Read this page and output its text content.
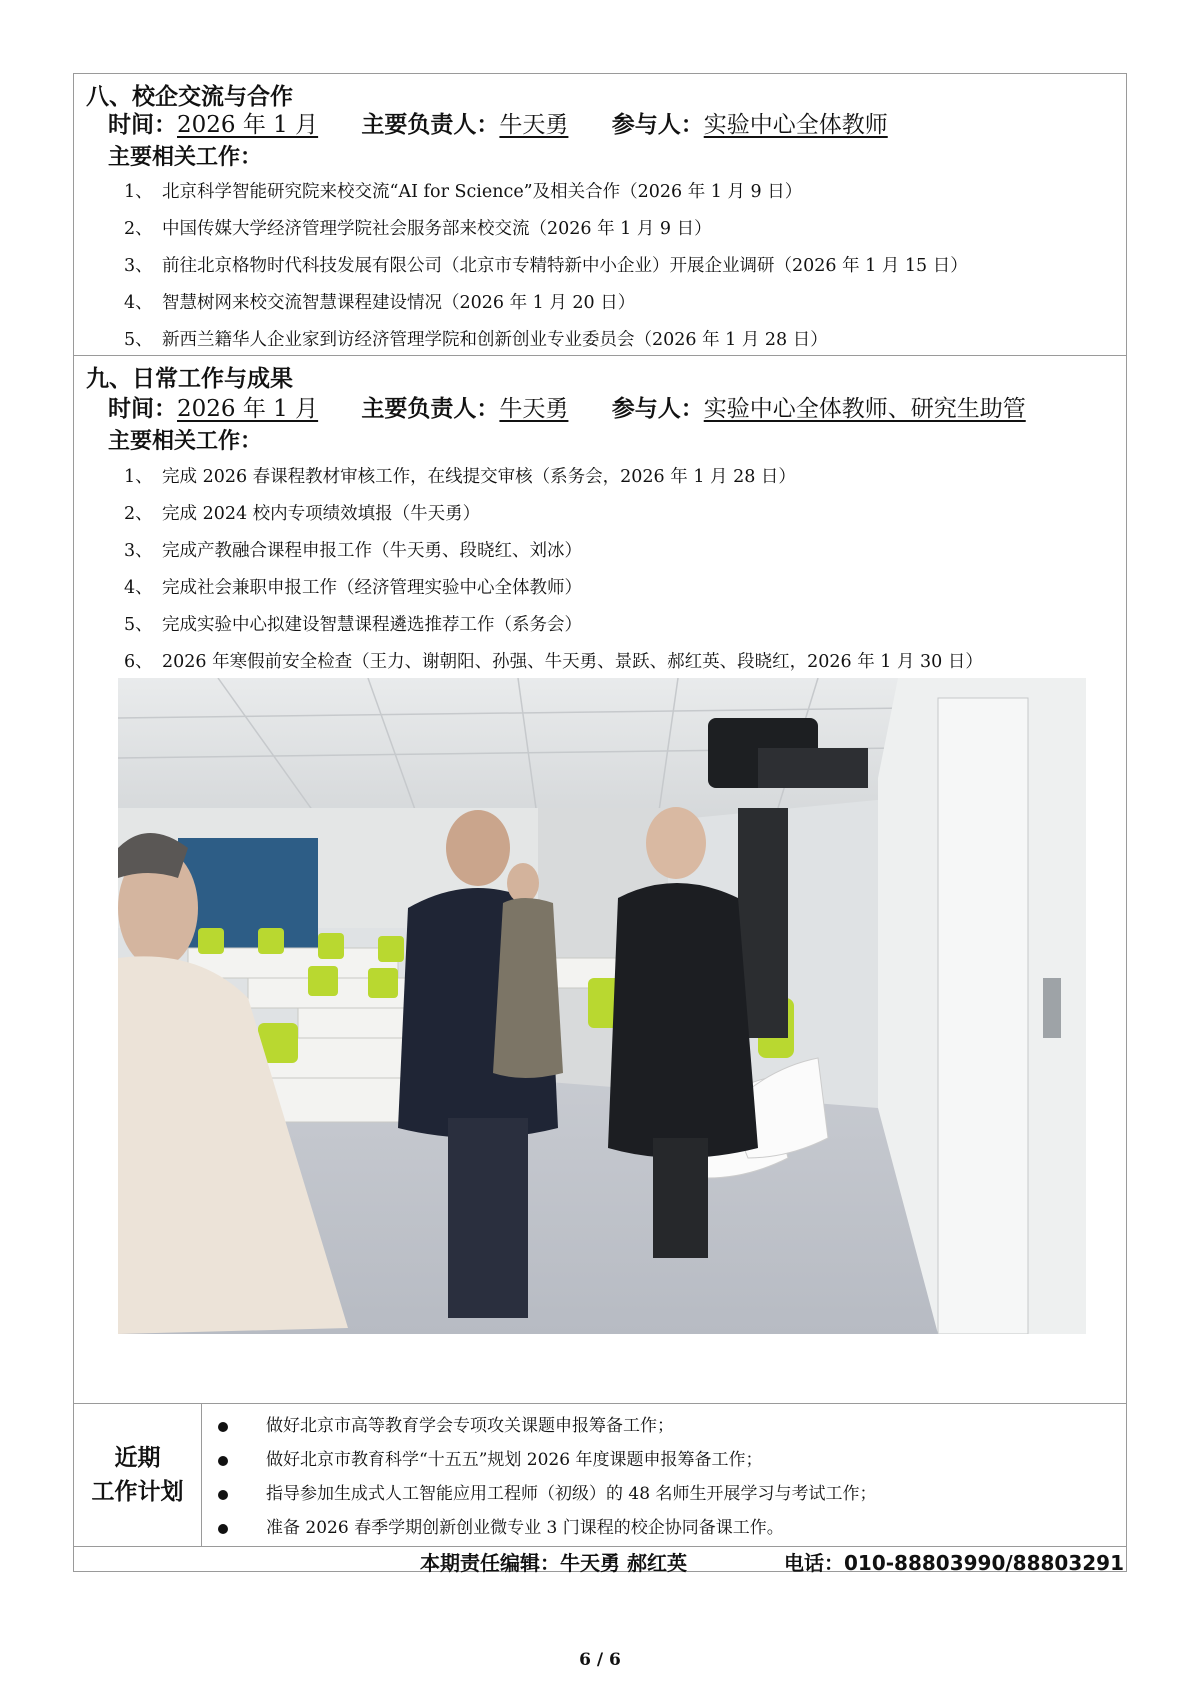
八、校企交流与合作
时间：2026 年 1 月 主要负责人：牛天勇 参与人：实验中心全体教师
主要相关工作：
1、 北京科学智能研究院来校交流“AI for Science”及相关合作（2026 年 1 月 9 日）
2、 中国传媒大学经济管理学院社会服务部来校交流（2026 年 1 月 9 日）
3、 前往北京格物时代科技发展有限公司（北京市专精特新中小企业）开展企业调研（2026 年 1 月 15 日）
4、 智慧树网来校交流智慧课程建设情况（2026 年 1 月 20 日）
5、 新西兰籍华人企业家到访经济管理学院和创新创业专业委员会（2026 年 1 月 28 日）
九、日常工作与成果
时间：2026 年 1 月 主要负责人：牛天勇 参与人：实验中心全体教师、研究生助管
主要相关工作：
1、 完成 2026 春课程教材审核工作，在线提交审核（系务会，2026 年 1 月 28 日）
2、 完成 2024 校内专项绩效填报（牛天勇）
3、 完成产教融合课程申报工作（牛天勇、段晓红、刘冰）
4、 完成社会兼职申报工作（经济管理实验中心全体教师）
5、 完成实验中心拟建设智慧课程遴选推荐工作（系务会）
6、 2026 年寒假前安全检查（王力、谢朝阳、孙强、牛天勇、景跃、郝红英、段晓红，2026 年 1 月 30 日）
近期
工作计划
做好北京市高等教育学会专项攻关课题申报筹备工作；
做好北京市教育科学“十五五”规划 2026 年度课题申报筹备工作；
指导参加生成式人工智能应用工程师（初级）的 48 名师生开展学习与考试工作；
准备 2026 春季学期创新创业微专业 3 门课程的校企协同备课工作。
本期责任编辑：牛天勇 郝红英	电话：010-88803990/88803291
6 / 6
